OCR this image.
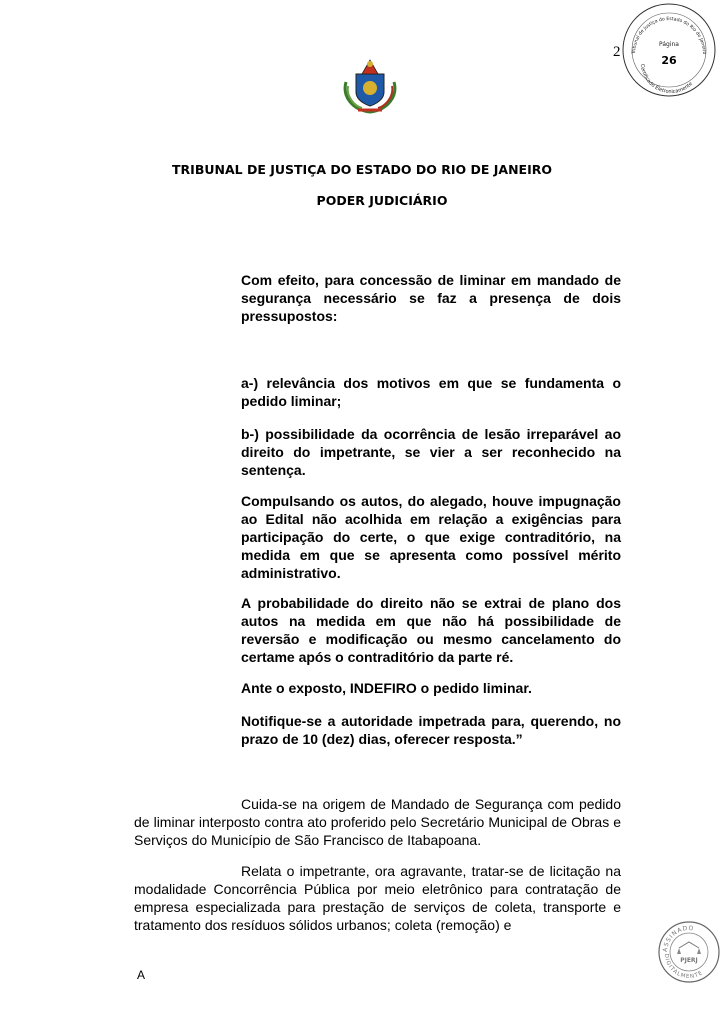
2 Tribunal de Justiça do Estado do Rio de Janeiro
Certificado Eletronicamente
Página
26
TRIBUNAL DE JUSTIÇA DO ESTADO DO RIO DE JANEIRO
PODER JUDICIÁRIO
Com efeito, para concessão de liminar em mandado de segurança necessário se faz a presença de dois pressupostos:
a-) relevância dos motivos em que se fundamenta o pedido liminar;
b-) possibilidade da ocorrência de lesão irreparável ao direito do impetrante, se vier a ser reconhecido na sentença.
Compulsando os autos, do alegado, houve impugnação ao Edital não acolhida em relação a exigências para participação do certe, o que exige contraditório, na medida em que se apresenta como possível mérito administrativo.
A probabilidade do direito não se extrai de plano dos autos na medida em que não há possibilidade de reversão e modificação ou mesmo cancelamento do certame após o contraditório da parte ré.
Ante o exposto, INDEFIRO o pedido liminar.
Notifique-se a autoridade impetrada para, querendo, no prazo de 10 (dez) dias, oferecer resposta.”
Cuida-se na origem de Mandado de Segurança com pedido de liminar interposto contra ato proferido pelo Secretário Municipal de Obras e Serviços do Município de São Francisco de Itabapoana.
Relata o impetrante, ora agravante, tratar-se de licitação na modalidade Concorrência Pública por meio eletrônico para contratação de empresa especializada para prestação de serviços de coleta, transporte e tratamento dos resíduos sólidos urbanos; coleta (remoção) e
A
ASSINADO
DIGITALMENTE
PJERJ
